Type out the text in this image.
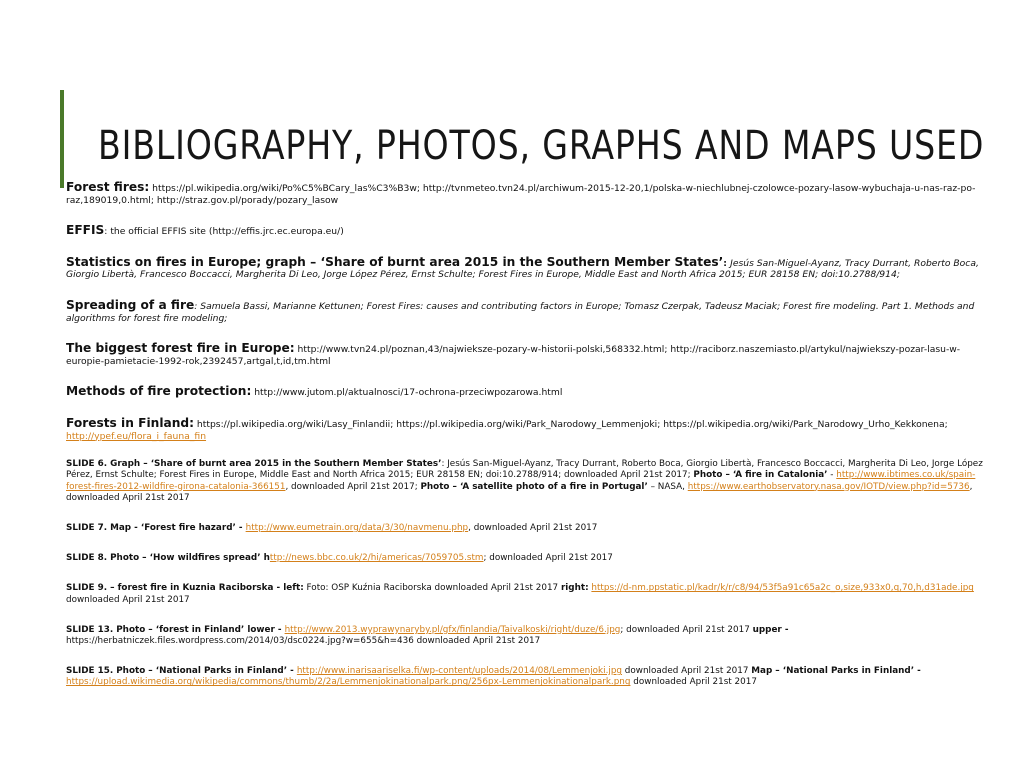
BIBLIOGRAPHY, PHOTOS, GRAPHS AND MAPS USED

Forest fires: https://pl.wikipedia.org/wiki/Po%C5%BCary_las%C3%B3w; http://tvnmeteo.tvn24.pl/archiwum-2015-12-20,1/polska-w-niechlubnej-czolowce-pozary-lasow-wybuchaja-u-nas-raz-po-raz,189019,0.html; http://straz.gov.pl/porady/pozary_lasow

EFFIS: the official EFFIS site (http://effis.jrc.ec.europa.eu/)

Statistics on fires in Europe; graph – ‘Share of burnt area 2015 in the Southern Member States’: Jesús San-Miguel-Ayanz, Tracy Durrant, Roberto Boca, Giorgio Libertà, Francesco Boccacci, Margherita Di Leo, Jorge López Pérez, Ernst Schulte; Forest Fires in Europe, Middle East and North Africa 2015; EUR 28158 EN; doi:10.2788/914;

Spreading of a fire: Samuela Bassi, Marianne Kettunen; Forest Fires: causes and contributing factors in Europe; Tomasz Czerpak, Tadeusz Maciak; Forest fire modeling. Part 1. Methods and algorithms for forest fire modeling;

The biggest forest fire in Europe: http://www.tvn24.pl/poznan,43/najwieksze-pozary-w-historii-polski,568332.html; http://raciborz.naszemiasto.pl/artykul/najwiekszy-pozar-lasu-w-europie-pamietacie-1992-rok,2392457,artgal,t,id,tm.html

Methods of fire protection: http://www.jutom.pl/aktualnosci/17-ochrona-przeciwpozarowa.html

Forests in Finland: https://pl.wikipedia.org/wiki/Lasy_Finlandii; https://pl.wikipedia.org/wiki/Park_Narodowy_Lemmenjoki; https://pl.wikipedia.org/wiki/Park_Narodowy_Urho_Kekkonena; http://ypef.eu/flora_i_fauna_fin

SLIDE 6. Graph – ‘Share of burnt area 2015 in the Southern Member States’: Jesús San-Miguel-Ayanz, Tracy Durrant, Roberto Boca, Giorgio Libertà, Francesco Boccacci, Margherita Di Leo, Jorge López Pérez, Ernst Schulte; Forest Fires in Europe, Middle East and North Africa 2015; EUR 28158 EN; doi:10.2788/914; downloaded April 21st 2017; Photo – ‘A fire in Catalonia’ - http://www.ibtimes.co.uk/spain-forest-fires-2012-wildfire-girona-catalonia-366151, downloaded April 21st 2017; Photo – ‘A satellite photo of a fire in Portugal’ – NASA, https://www.earthobservatory.nasa.gov/IOTD/view.php?id=5736, downloaded April 21st 2017

SLIDE 7. Map - ‘Forest fire hazard’ - http://www.eumetrain.org/data/3/30/navmenu.php, downloaded April 21st 2017

SLIDE 8. Photo – ‘How wildfires spread’ http://news.bbc.co.uk/2/hi/americas/7059705.stm; downloaded April 21st 2017

SLIDE 9. – forest fire in Kuznia Raciborska - left: Foto: OSP Kuźnia Raciborska downloaded April 21st 2017 right: https://d-nm.ppstatic.pl/kadr/k/r/c8/94/53f5a91c65a2c_o,size,933x0,q,70,h,d31ade.jpg downloaded April 21st 2017

SLIDE 13. Photo – ‘forest in Finland’ lower - http://www.2013.wyprawynaryby.pl/gfx/finlandia/Taivalkoski/right/duze/6.jpg; downloaded April 21st 2017 upper - https://herbatniczek.files.wordpress.com/2014/03/dsc0224.jpg?w=655&h=436 downloaded April 21st 2017

SLIDE 15. Photo – ‘National Parks in Finland’ - http://www.inarisaariselka.fi/wp-content/uploads/2014/08/Lemmenjoki.jpg downloaded April 21st 2017 Map – ‘National Parks in Finland’ - https://upload.wikimedia.org/wikipedia/commons/thumb/2/2a/Lemmenjokinationalpark.png/256px-Lemmenjokinationalpark.png downloaded April 21st 2017
